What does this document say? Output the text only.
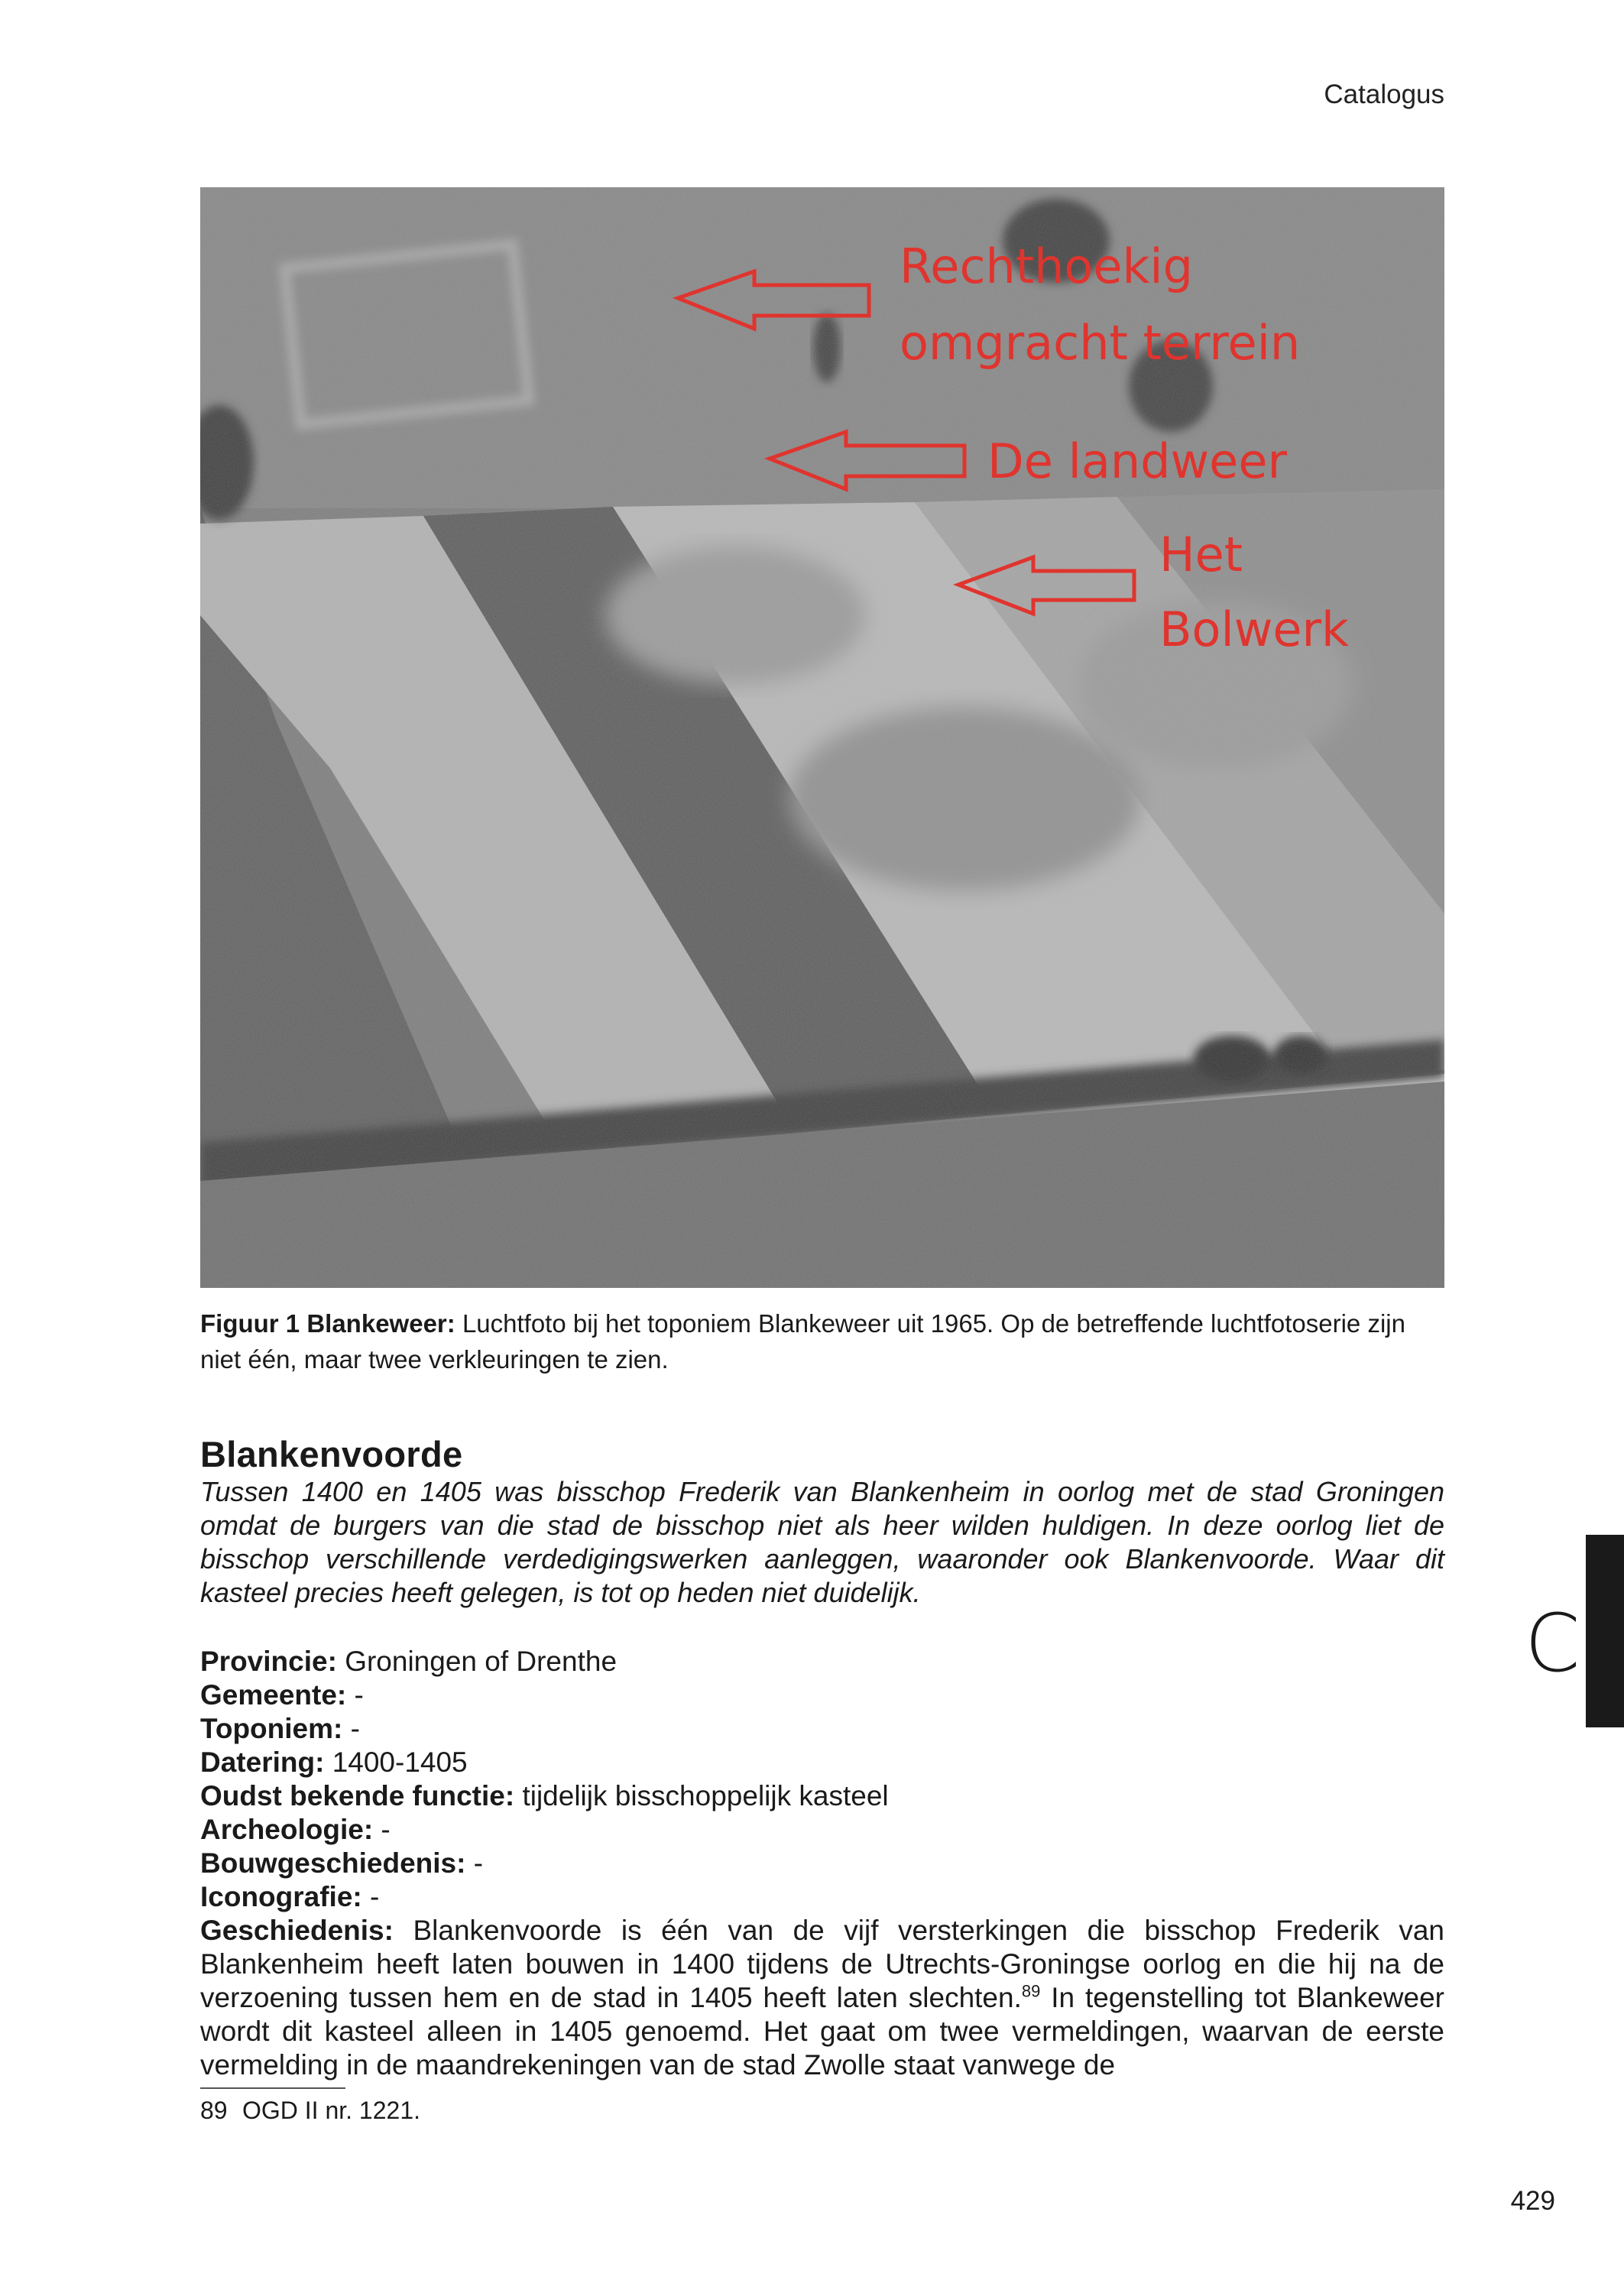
Catalogus
Rechthoekig
omgracht terrein
De landweer
Het
Bolwerk
Figuur 1 Blankeweer: Luchtfoto bij het toponiem Blankeweer uit 1965. Op de betreffende luchtfotoserie zijn niet één, maar twee verkleuringen te zien.
Blankenvoorde
Tussen 1400 en 1405 was bisschop Frederik van Blankenheim in oorlog met de stad Groningen omdat de burgers van die stad de bisschop niet als heer wilden huldigen. In deze oorlog liet de bisschop verschillende verdedigingswerken aanleggen, waaronder ook Blankenvoorde. Waar dit kasteel precies heeft gelegen, is tot op heden niet duidelijk.
Provincie: Groningen of Drenthe
Gemeente: -
Toponiem: -
Datering: 1400-1405
Oudst bekende functie: tijdelijk bisschoppelijk kasteel
Archeologie: -
Bouwgeschiedenis: -
Iconografie: -
Geschiedenis: Blankenvoorde is één van de vijf versterkingen die bisschop Frederik van Blankenheim heeft laten bouwen in 1400 tijdens de Utrechts-Groningse oorlog en die hij na de verzoening tussen hem en de stad in 1405 heeft laten slechten.$^{89}$ In tegenstelling tot Blankeweer wordt dit kasteel alleen in 1405 genoemd. Het gaat om twee vermeldingen, waarvan de eerste vermelding in de maandrekeningen van de stad Zwolle staat vanwege de
89 OGD II nr. 1221.
C
429
